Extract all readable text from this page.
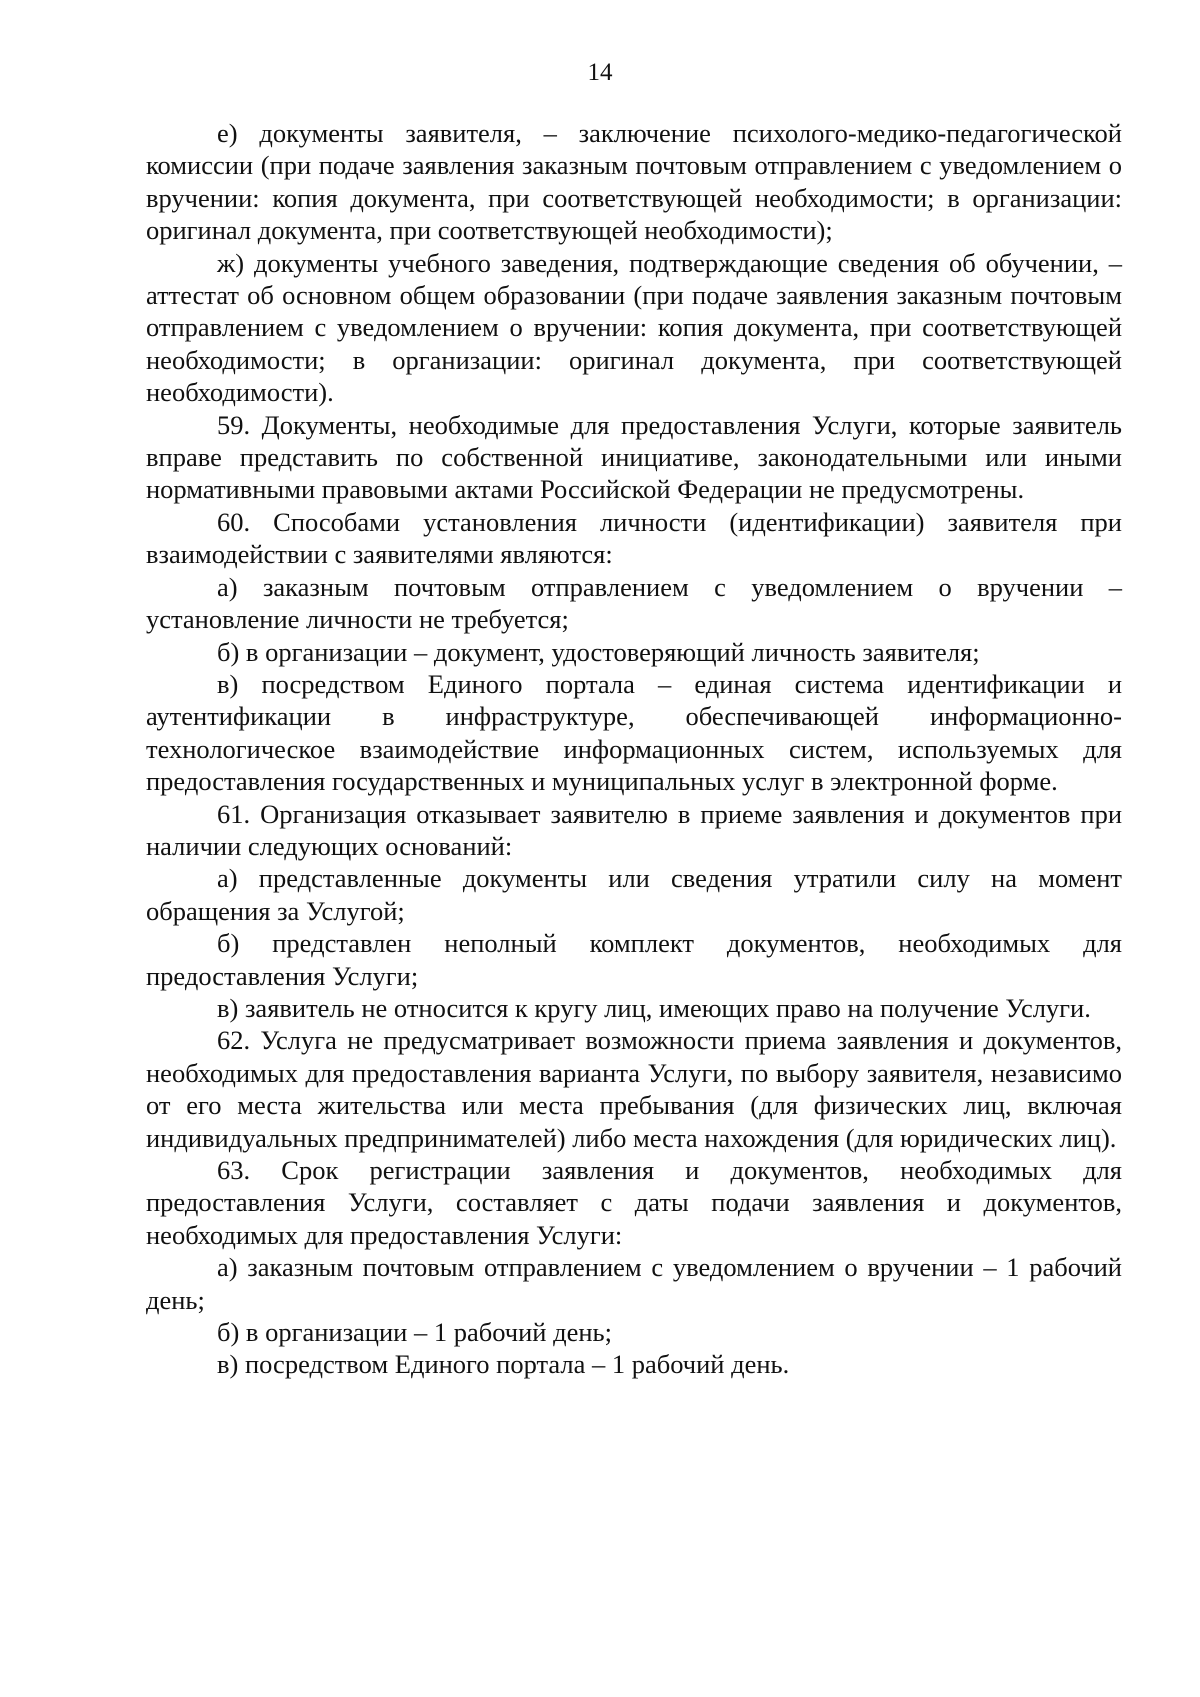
14

е) документы заявителя, – заключение психолого-медико-педагогической комиссии (при подаче заявления заказным почтовым отправлением с уведомлением о вручении: копия документа, при соответствующей необходимости; в организации: оригинал документа, при соответствующей необходимости);

ж) документы учебного заведения, подтверждающие сведения об обучении, – аттестат об основном общем образовании (при подаче заявления заказным почтовым отправлением с уведомлением о вручении: копия документа, при соответствующей необходимости; в организации: оригинал документа, при соответствующей необходимости).

59. Документы, необходимые для предоставления Услуги, которые заявитель вправе представить по собственной инициативе, законодательными или иными нормативными правовыми актами Российской Федерации не предусмотрены.

60. Способами установления личности (идентификации) заявителя при взаимодействии с заявителями являются:

а) заказным почтовым отправлением с уведомлением о вручении – установление личности не требуется;

б) в организации – документ, удостоверяющий личность заявителя;

в) посредством Единого портала – единая система идентификации и аутентификации в инфраструктуре, обеспечивающей информационно-технологическое взаимодействие информационных систем, используемых для предоставления государственных и муниципальных услуг в электронной форме.

61. Организация отказывает заявителю в приеме заявления и документов при наличии следующих оснований:

а) представленные документы или сведения утратили силу на момент обращения за Услугой;

б) представлен неполный комплект документов, необходимых для предоставления Услуги;

в) заявитель не относится к кругу лиц, имеющих право на получение Услуги.

62. Услуга не предусматривает возможности приема заявления и документов, необходимых для предоставления варианта Услуги, по выбору заявителя, независимо от его места жительства или места пребывания (для физических лиц, включая индивидуальных предпринимателей) либо места нахождения (для юридических лиц).

63. Срок регистрации заявления и документов, необходимых для предоставления Услуги, составляет с даты подачи заявления и документов, необходимых для предоставления Услуги:

а) заказным почтовым отправлением с уведомлением о вручении – 1 рабочий день;

б) в организации – 1 рабочий день;

в) посредством Единого портала – 1 рабочий день.
